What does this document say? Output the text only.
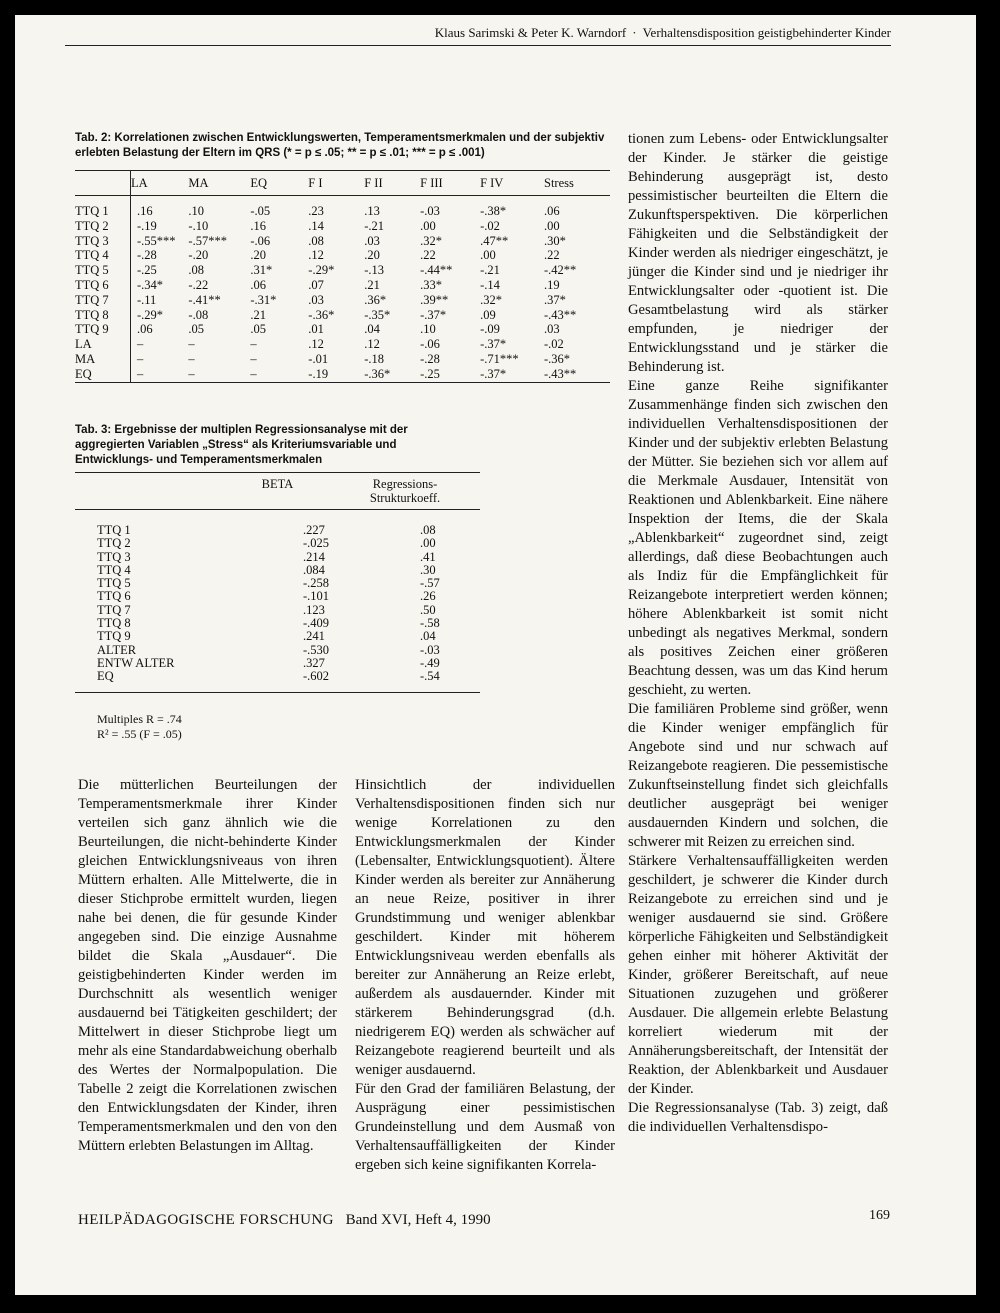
Klaus Sarimski & Peter K. Warndorf · Verhaltensdisposition geistigbehinderter Kinder
Tab. 2: Korrelationen zwischen Entwicklungswerten, Temperamentsmerkmalen und der subjektiv erlebten Belastung der Eltern im QRS (* = p ≤ .05; ** = p ≤ .01; *** = p ≤ .001)
	LA	MA	EQ	F I	F II	F III	F IV	Stress

TTQ 1	.16	.10	-.05	.23	.13	-.03	-.38*	.06
TTQ 2	-.19	-.10	.16	.14	-.21	.00	-.02	.00
TTQ 3	-.55***	-.57***	-.06	.08	.03	.32*	.47**	.30*
TTQ 4	-.28	-.20	.20	.12	.20	.22	.00	.22
TTQ 5	-.25	.08	.31*	-.29*	-.13	-.44**	-.21	-.42**
TTQ 6	-.34*	-.22	.06	.07	.21	.33*	-.14	.19
TTQ 7	-.11	-.41**	-.31*	.03	.36*	.39**	.32*	.37*
TTQ 8	-.29*	-.08	.21	-.36*	-.35*	-.37*	.09	-.43**
TTQ 9	.06	.05	.05	.01	.04	.10	-.09	.03
LA	–	–	–	.12	.12	-.06	-.37*	-.02
MA	–	–	–	-.01	-.18	-.28	-.71***	-.36*
EQ	–	–	–	-.19	-.36*	-.25	-.37*	-.43**
Tab. 3: Ergebnisse der multiplen Regressionsanalyse mit der aggregierten Variablen „Stress“ als Kriteriumsvariable und Entwicklungs- und Temperamentsmerkmalen
	BETA	Regressions-
Strukturkoeff.

TTQ 1	.227	.08
TTQ 2	-.025	.00
TTQ 3	.214	.41
TTQ 4	.084	.30
TTQ 5	-.258	-.57
TTQ 6	-.101	.26
TTQ 7	.123	.50
TTQ 8	-.409	-.58
TTQ 9	.241	.04
ALTER	-.530	-.03
ENTW ALTER	.327	-.49
EQ	-.602	-.54
Multiples R = .74
R² = .55 (F = .05)

Die mütterlichen Beurteilungen der Temperamentsmerkmale ihrer Kinder verteilen sich ganz ähnlich wie die Beurteilungen, die nicht-behinderte Kinder gleichen Entwicklungsniveaus von ihren Müttern erhalten. Alle Mittelwerte, die in dieser Stichprobe ermittelt wurden, liegen nahe bei denen, die für gesunde Kinder angegeben sind. Die einzige Ausnahme bildet die Skala „Ausdauer“. Die geistigbehinderten Kinder werden im Durchschnitt als wesentlich weniger ausdauernd bei Tätigkeiten geschildert; der Mittelwert in dieser Stichprobe liegt um mehr als eine Standardabweichung oberhalb des Wertes der Normalpopulation. Die Tabelle 2 zeigt die Korrelationen zwischen den Entwicklungsdaten der Kinder, ihren Temperamentsmerkmalen und den von den Müttern erlebten Belastungen im Alltag.

Hinsichtlich der individuellen Verhaltensdispositionen finden sich nur wenige Korrelationen zu den Entwicklungsmerkmalen der Kinder (Lebensalter, Entwicklungsquotient). Ältere Kinder werden als bereiter zur Annäherung an neue Reize, positiver in ihrer Grundstimmung und weniger ablenkbar geschildert. Kinder mit höherem Entwicklungsniveau werden ebenfalls als bereiter zur Annäherung an Reize erlebt, außerdem als ausdauernder. Kinder mit stärkerem Behinderungsgrad (d.h. niedrigerem EQ) werden als schwächer auf Reizangebote reagierend beurteilt und als weniger ausdauernd.

Für den Grad der familiären Belastung, der Ausprägung einer pessimistischen Grundeinstellung und dem Ausmaß von Verhaltensauffälligkeiten der Kinder ergeben sich keine signifikanten Korrela-

tionen zum Lebens- oder Entwicklungsalter der Kinder. Je stärker die geistige Behinderung ausgeprägt ist, desto pessimistischer beurteilten die Eltern die Zukunftsperspektiven. Die körperlichen Fähigkeiten und die Selbständigkeit der Kinder werden als niedriger eingeschätzt, je jünger die Kinder sind und je niedriger ihr Entwicklungsalter oder -quotient ist. Die Gesamtbelastung wird als stärker empfunden, je niedriger der Entwicklungsstand und je stärker die Behinderung ist.

Eine ganze Reihe signifikanter Zusammenhänge finden sich zwischen den individuellen Verhaltensdispositionen der Kinder und der subjektiv erlebten Belastung der Mütter. Sie beziehen sich vor allem auf die Merkmale Ausdauer, Intensität von Reaktionen und Ablenkbarkeit. Eine nähere Inspektion der Items, die der Skala „Ablenkbarkeit“ zugeordnet sind, zeigt allerdings, daß diese Beobachtungen auch als Indiz für die Empfänglichkeit für Reizangebote interpretiert werden können; höhere Ablenkbarkeit ist somit nicht unbedingt als negatives Merkmal, sondern als positives Zeichen einer größeren Beachtung dessen, was um das Kind herum geschieht, zu werten.

Die familiären Probleme sind größer, wenn die Kinder weniger empfänglich für Angebote sind und nur schwach auf Reizangebote reagieren. Die pessemistische Zukunftseinstellung findet sich gleichfalls deutlicher ausgeprägt bei weniger ausdauernden Kindern und solchen, die schwerer mit Reizen zu erreichen sind.

Stärkere Verhaltensauffälligkeiten werden geschildert, je schwerer die Kinder durch Reizangebote zu erreichen sind und je weniger ausdauernd sie sind. Größere körperliche Fähigkeiten und Selbständigkeit gehen einher mit höherer Aktivität der Kinder, größerer Bereitschaft, auf neue Situationen zuzugehen und größerer Ausdauer. Die allgemein erlebte Belastung korreliert wiederum mit der Annäherungsbereitschaft, der Intensität der Reaktion, der Ablenkbarkeit und Ausdauer der Kinder.

Die Regressionsanalyse (Tab. 3) zeigt, daß die individuellen Verhaltensdispo-

HEILPÄDAGOGISCHE FORSCHUNG Band XVI, Heft 4, 1990	169
